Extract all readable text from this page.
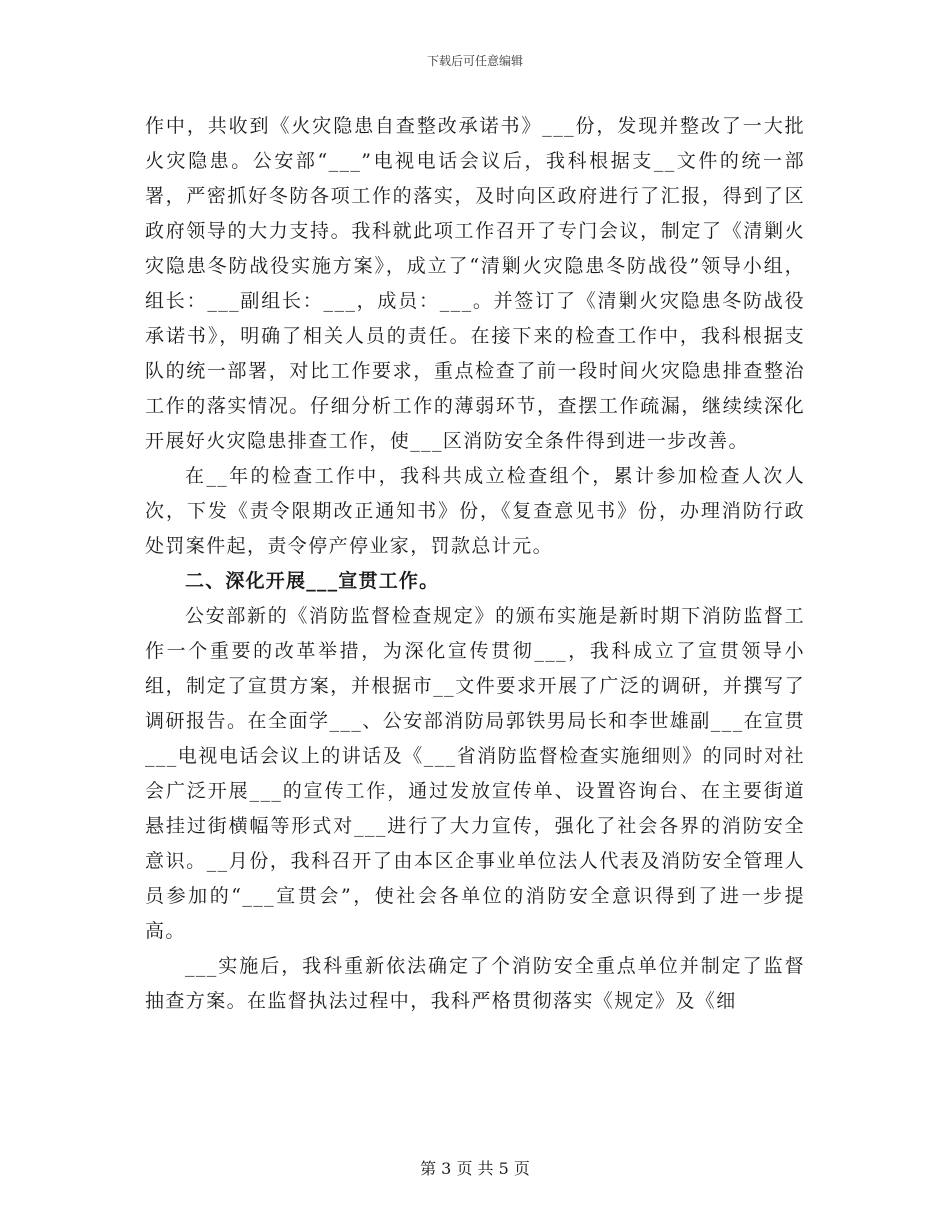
下载后可任意编辑

作中，共收到《火灾隐患自查整改承诺书》___份，发现并整改了一大批火灾隐患。公安部“___”电视电话会议后，我科根据支__文件的统一部署，严密抓好冬防各项工作的落实，及时向区政府进行了汇报，得到了区政府领导的大力支持。我科就此项工作召开了专门会议，制定了《清剿火灾隐患冬防战役实施方案》，成立了“清剿火灾隐患冬防战役”领导小组，组长：___副组长：___，成员：___。并签订了《清剿火灾隐患冬防战役承诺书》，明确了相关人员的责任。在接下来的检查工作中，我科根据支队的统一部署，对比工作要求，重点检查了前一段时间火灾隐患排查整治工作的落实情况。仔细分析工作的薄弱环节，查摆工作疏漏，继续续深化开展好火灾隐患排查工作，使___区消防安全条件得到进一步改善。

在__年的检查工作中，我科共成立检查组个，累计参加检查人次人次，下发《责令限期改正通知书》份，《复查意见书》份，办理消防行政处罚案件起，责令停产停业家，罚款总计元。

二、深化开展___宣贯工作。

公安部新的《消防监督检查规定》的颁布实施是新时期下消防监督工作一个重要的改革举措，为深化宣传贯彻___，我科成立了宣贯领导小组，制定了宣贯方案，并根据市__文件要求开展了广泛的调研，并撰写了调研报告。在全面学___、公安部消防局郭铁男局长和李世雄副___在宣贯___电视电话会议上的讲话及《___省消防监督检查实施细则》的同时对社会广泛开展___的宣传工作，通过发放宣传单、设置咨询台、在主要街道悬挂过街横幅等形式对___进行了大力宣传，强化了社会各界的消防安全意识。__月份，我科召开了由本区企事业单位法人代表及消防安全管理人员参加的“___宣贯会”，使社会各单位的消防安全意识得到了进一步提高。

___实施后，我科重新依法确定了个消防安全重点单位并制定了监督抽查方案。在监督执法过程中，我科严格贯彻落实《规定》及《细

第 3 页 共 5 页
